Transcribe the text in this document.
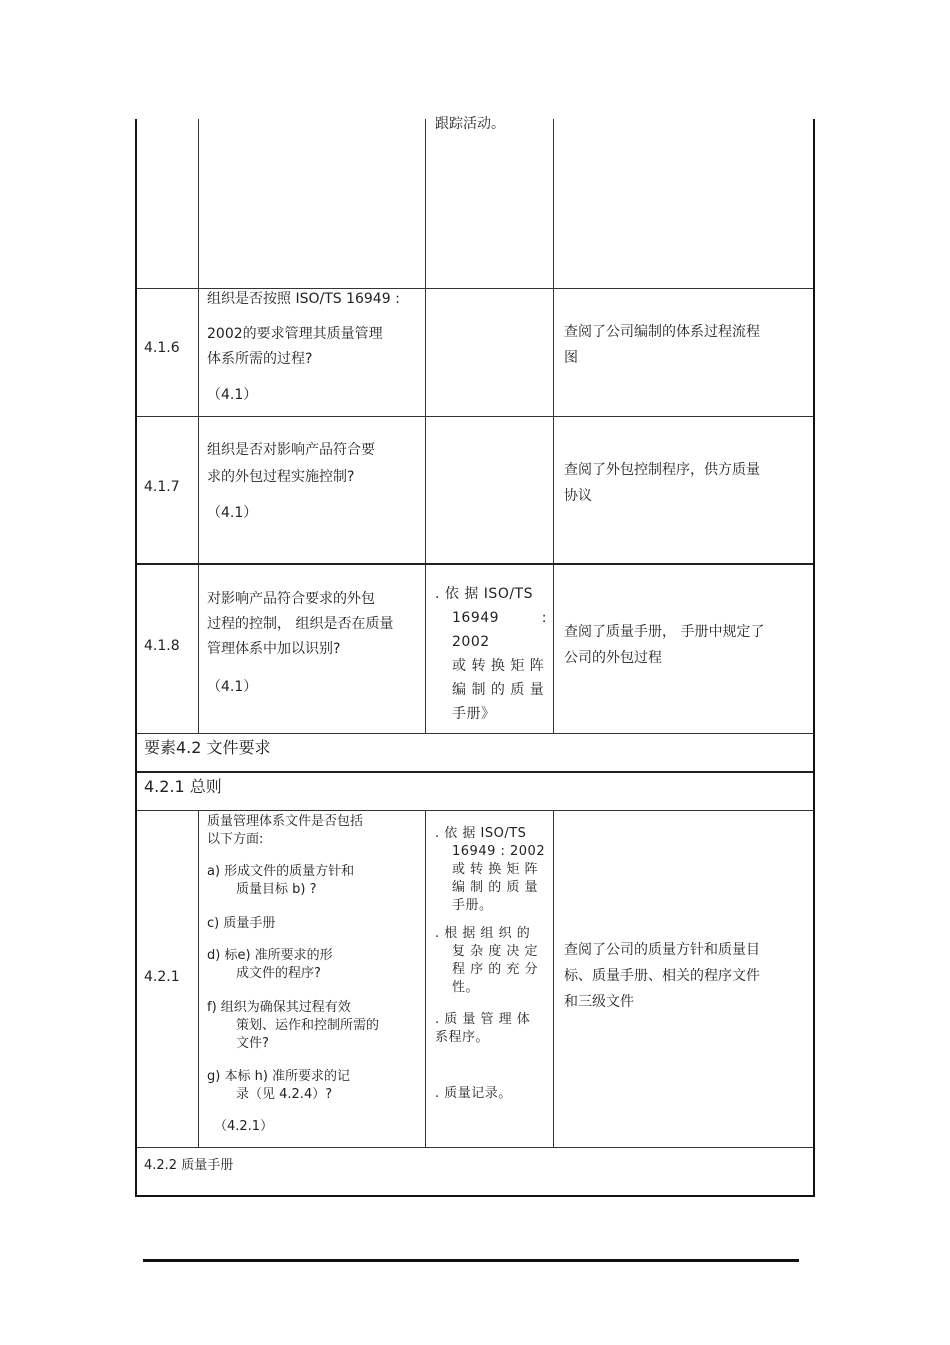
跟踪活动。
4.1.6
组织是否按照 ISO/TS 16949 :
2002的要求管理其质量管理
体系所需的过程?
（4.1）
查阅了公司编制的体系过程流程
图
4.1.7
组织是否对影响产品符合要
求的外包过程实施控制?
（4.1）
查阅了外包控制程序，供方质量
协议
4.1.8
对影响产品符合要求的外包
过程的控制， 组织是否在质量
管理体系中加以识别?
（4.1）
. 依 据 ISO/TS
16949 : 2002
或 转 换 矩 阵
编 制 的 质 量
手册》
查阅了质量手册， 手册中规定了
公司的外包过程
要素4.2 文件要求
4.2.1 总则
4.2.1
质量管理体系文件是否包括
以下方面:
a) 形成文件的质量方针和
质量目标 b) ?
c) 质量手册
d) 标e) 准所要求的形
成文件的程序?
f) 组织为确保其过程有效
策划、运作和控制所需的
文件?
g) 本标 h) 准所要求的记
录（见 4.2.4）?
（4.2.1）
. 依 据 ISO/TS
16949 : 2002
或 转 换 矩 阵
编 制 的 质 量
手册。
. 根 据 组 织 的
复 杂 度 决 定
程 序 的 充 分
性。
. 质 量 管 理 体
系程序。
. 质量记录。
查阅了公司的质量方针和质量目
标、质量手册、相关的程序文件
和三级文件
4.2.2 质量手册
